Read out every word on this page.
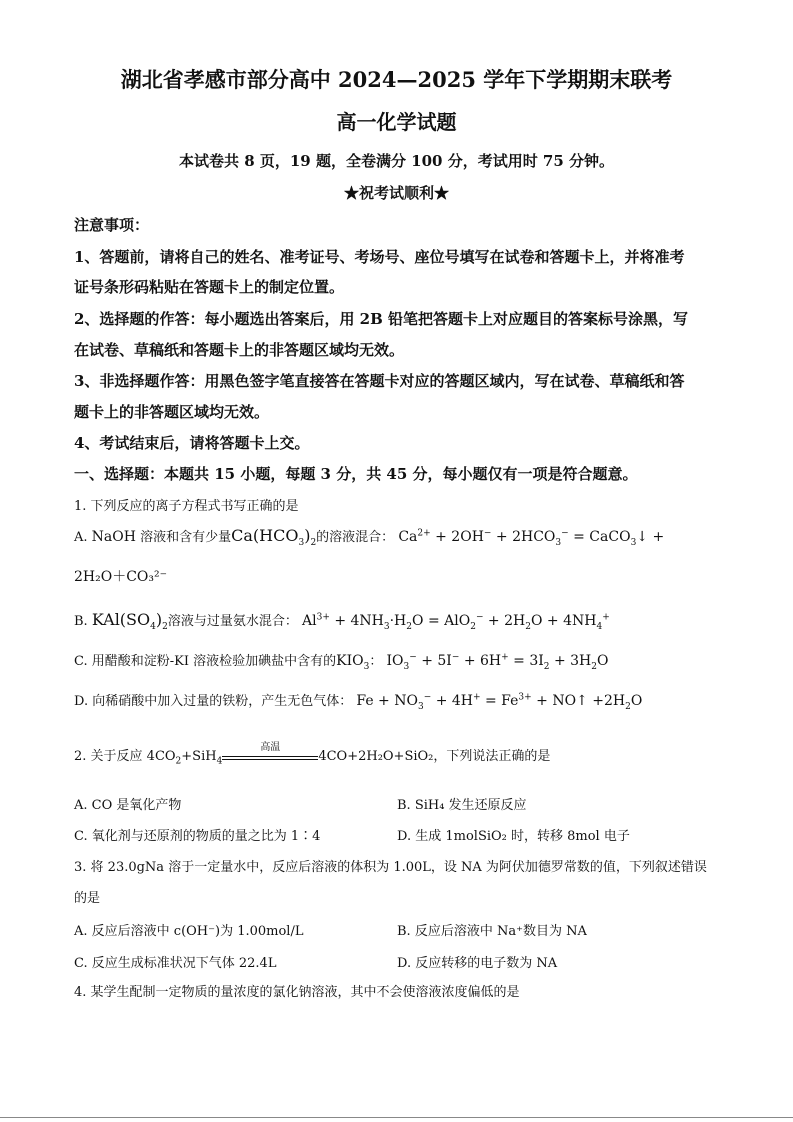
湖北省孝感市部分高中 2024—2025 学年下学期期末联考
高一化学试题
本试卷共 8 页，19 题，全卷满分 100 分，考试用时 75 分钟。
★祝考试顺利★
注意事项：
1、答题前，请将自己的姓名、准考证号、考场号、座位号填写在试卷和答题卡上，并将准考
证号条形码粘贴在答题卡上的制定位置。
2、选择题的作答：每小题选出答案后，用 2B 铅笔把答题卡上对应题目的答案标号涂黑，写
在试卷、草稿纸和答题卡上的非答题区域均无效。
3、非选择题作答：用黑色签字笔直接答在答题卡对应的答题区域内，写在试卷、草稿纸和答
题卡上的非答题区域均无效。
4、考试结束后，请将答题卡上交。
一、选择题：本题共 15 小题，每题 3 分，共 45 分，每小题仅有一项是符合题意。
1. 下列反应的离子方程式书写正确的是
A. NaOH 溶液和含有少量$Ca(HCO_3)_2$的溶液混合： $Ca^{2+} + 2OH^- + 2HCO_3^-$ = CaCO$_3$↓ +
2H₂O＋CO₃²⁻
B. $KAl(SO_4)_2$溶液与过量氨水混合： $Al^{3+} + 4NH_3\cdot H_2O = AlO_2^- + 2H_2O + 4NH_4^+$
C. 用醋酸和淀粉-KI 溶液检验加碘盐中含有的$KIO_3$： $IO_3^- + 5I^- + 6H^+ = 3I_2 + 3H_2O$
D. 向稀硝酸中加入过量的铁粉，产生无色气体： $Fe + NO_3^- + 4H^+ = Fe^{3+}$ + NO↑ $+2H_2O$
2. 关于反应 $4CO_2+SiH_4$
高温
4CO+2H₂O+SiO₂，下列说法正确的是
A. CO 是氧化产物	B. SiH₄ 发生还原反应
C. 氧化剂与还原剂的物质的量之比为 1∶4	D. 生成 1molSiO₂ 时，转移 8mol 电子
3. 将 23.0gNa 溶于一定量水中，反应后溶液的体积为 1.00L，设 NA 为阿伏加德罗常数的值，下列叙述错误
的是
A. 反应后溶液中 c(OH⁻)为 1.00mol/L	B. 反应后溶液中 Na⁺数目为 NA
C. 反应生成标准状况下气体 22.4L	D. 反应转移的电子数为 NA
4. 某学生配制一定物质的量浓度的氯化钠溶液，其中不会使溶液浓度偏低的是
